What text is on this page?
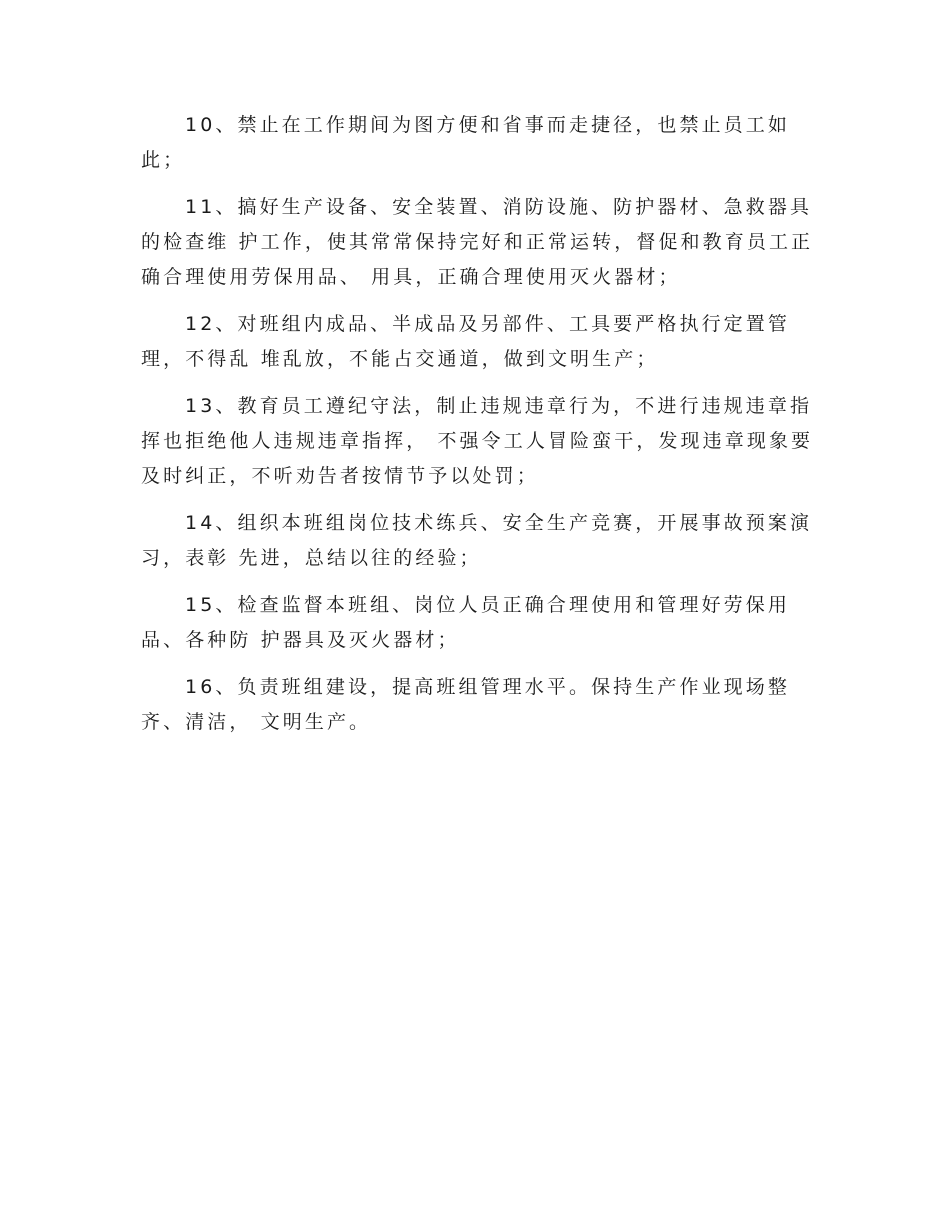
10、禁止在工作期间为图方便和省事而走捷径，也禁止员工如
此；

11、搞好生产设备、安全装置、消防设施、防护器材、急救器具
的检查维 护工作，使其常常保持完好和正常运转，督促和教育员工正
确合理使用劳保用品、 用具，正确合理使用灭火器材；

12、对班组内成品、半成品及另部件、工具要严格执行定置管
理，不得乱 堆乱放，不能占交通道，做到文明生产；

13、教育员工遵纪守法，制止违规违章行为，不进行违规违章指
挥也拒绝他人违规违章指挥， 不强令工人冒险蛮干，发现违章现象要
及时纠正，不听劝告者按情节予以处罚；

14、组织本班组岗位技术练兵、安全生产竞赛，开展事故预案演
习，表彰 先进，总结以往的经验；

15、检查监督本班组、岗位人员正确合理使用和管理好劳保用
品、各种防 护器具及灭火器材；

16、负责班组建设，提高班组管理水平。保持生产作业现场整
齐、清洁， 文明生产。
